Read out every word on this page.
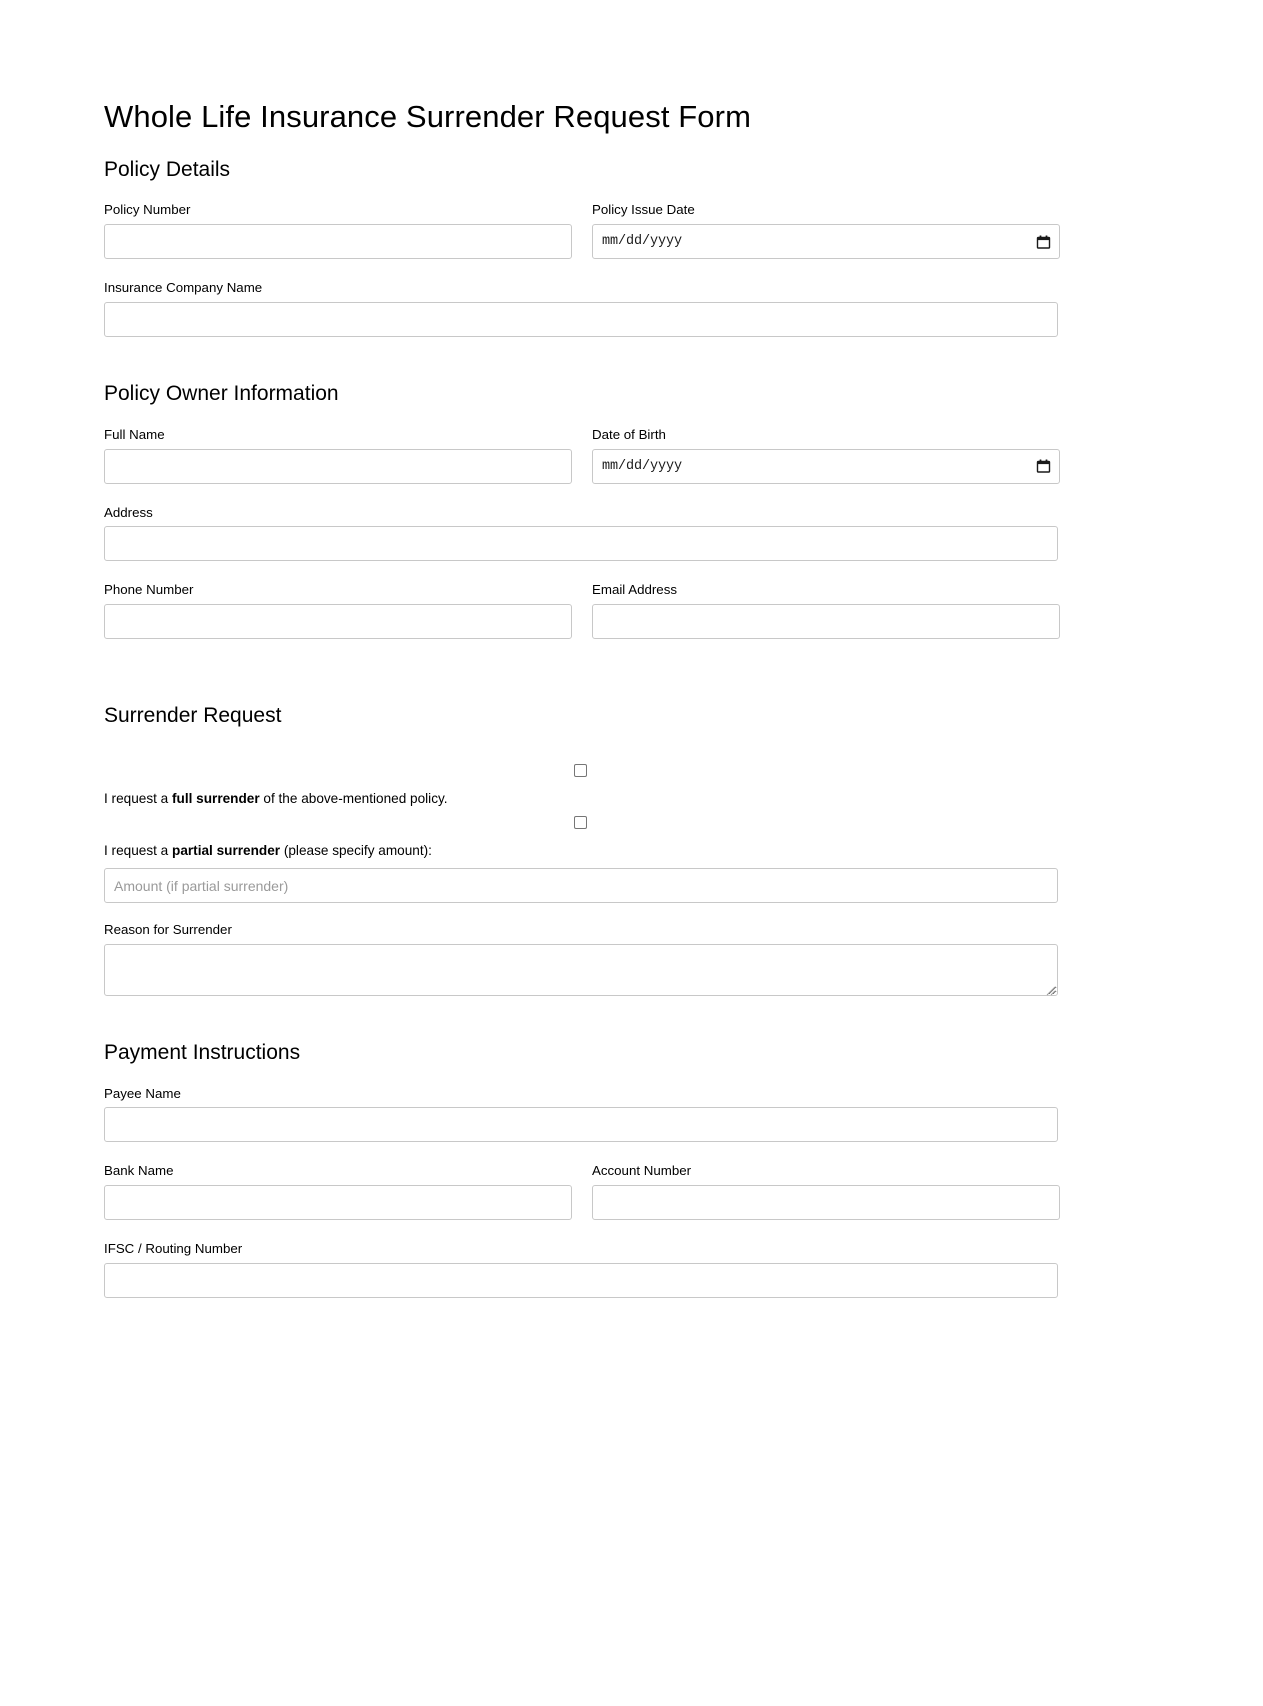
Whole Life Insurance Surrender Request Form
Policy Details
Policy Number	Policy Issue Date
mm/dd/yyyy
Insurance Company Name
Policy Owner Information
Full Name	Date of Birth
mm/dd/yyyy
Address
Phone Number	Email Address
Surrender Request

I request a full surrender of the above-mentioned policy.

I request a partial surrender (please specify amount):

Amount (if partial surrender)
Reason for Surrender
Payment Instructions
Payee Name
Bank Name	Account Number
IFSC / Routing Number
